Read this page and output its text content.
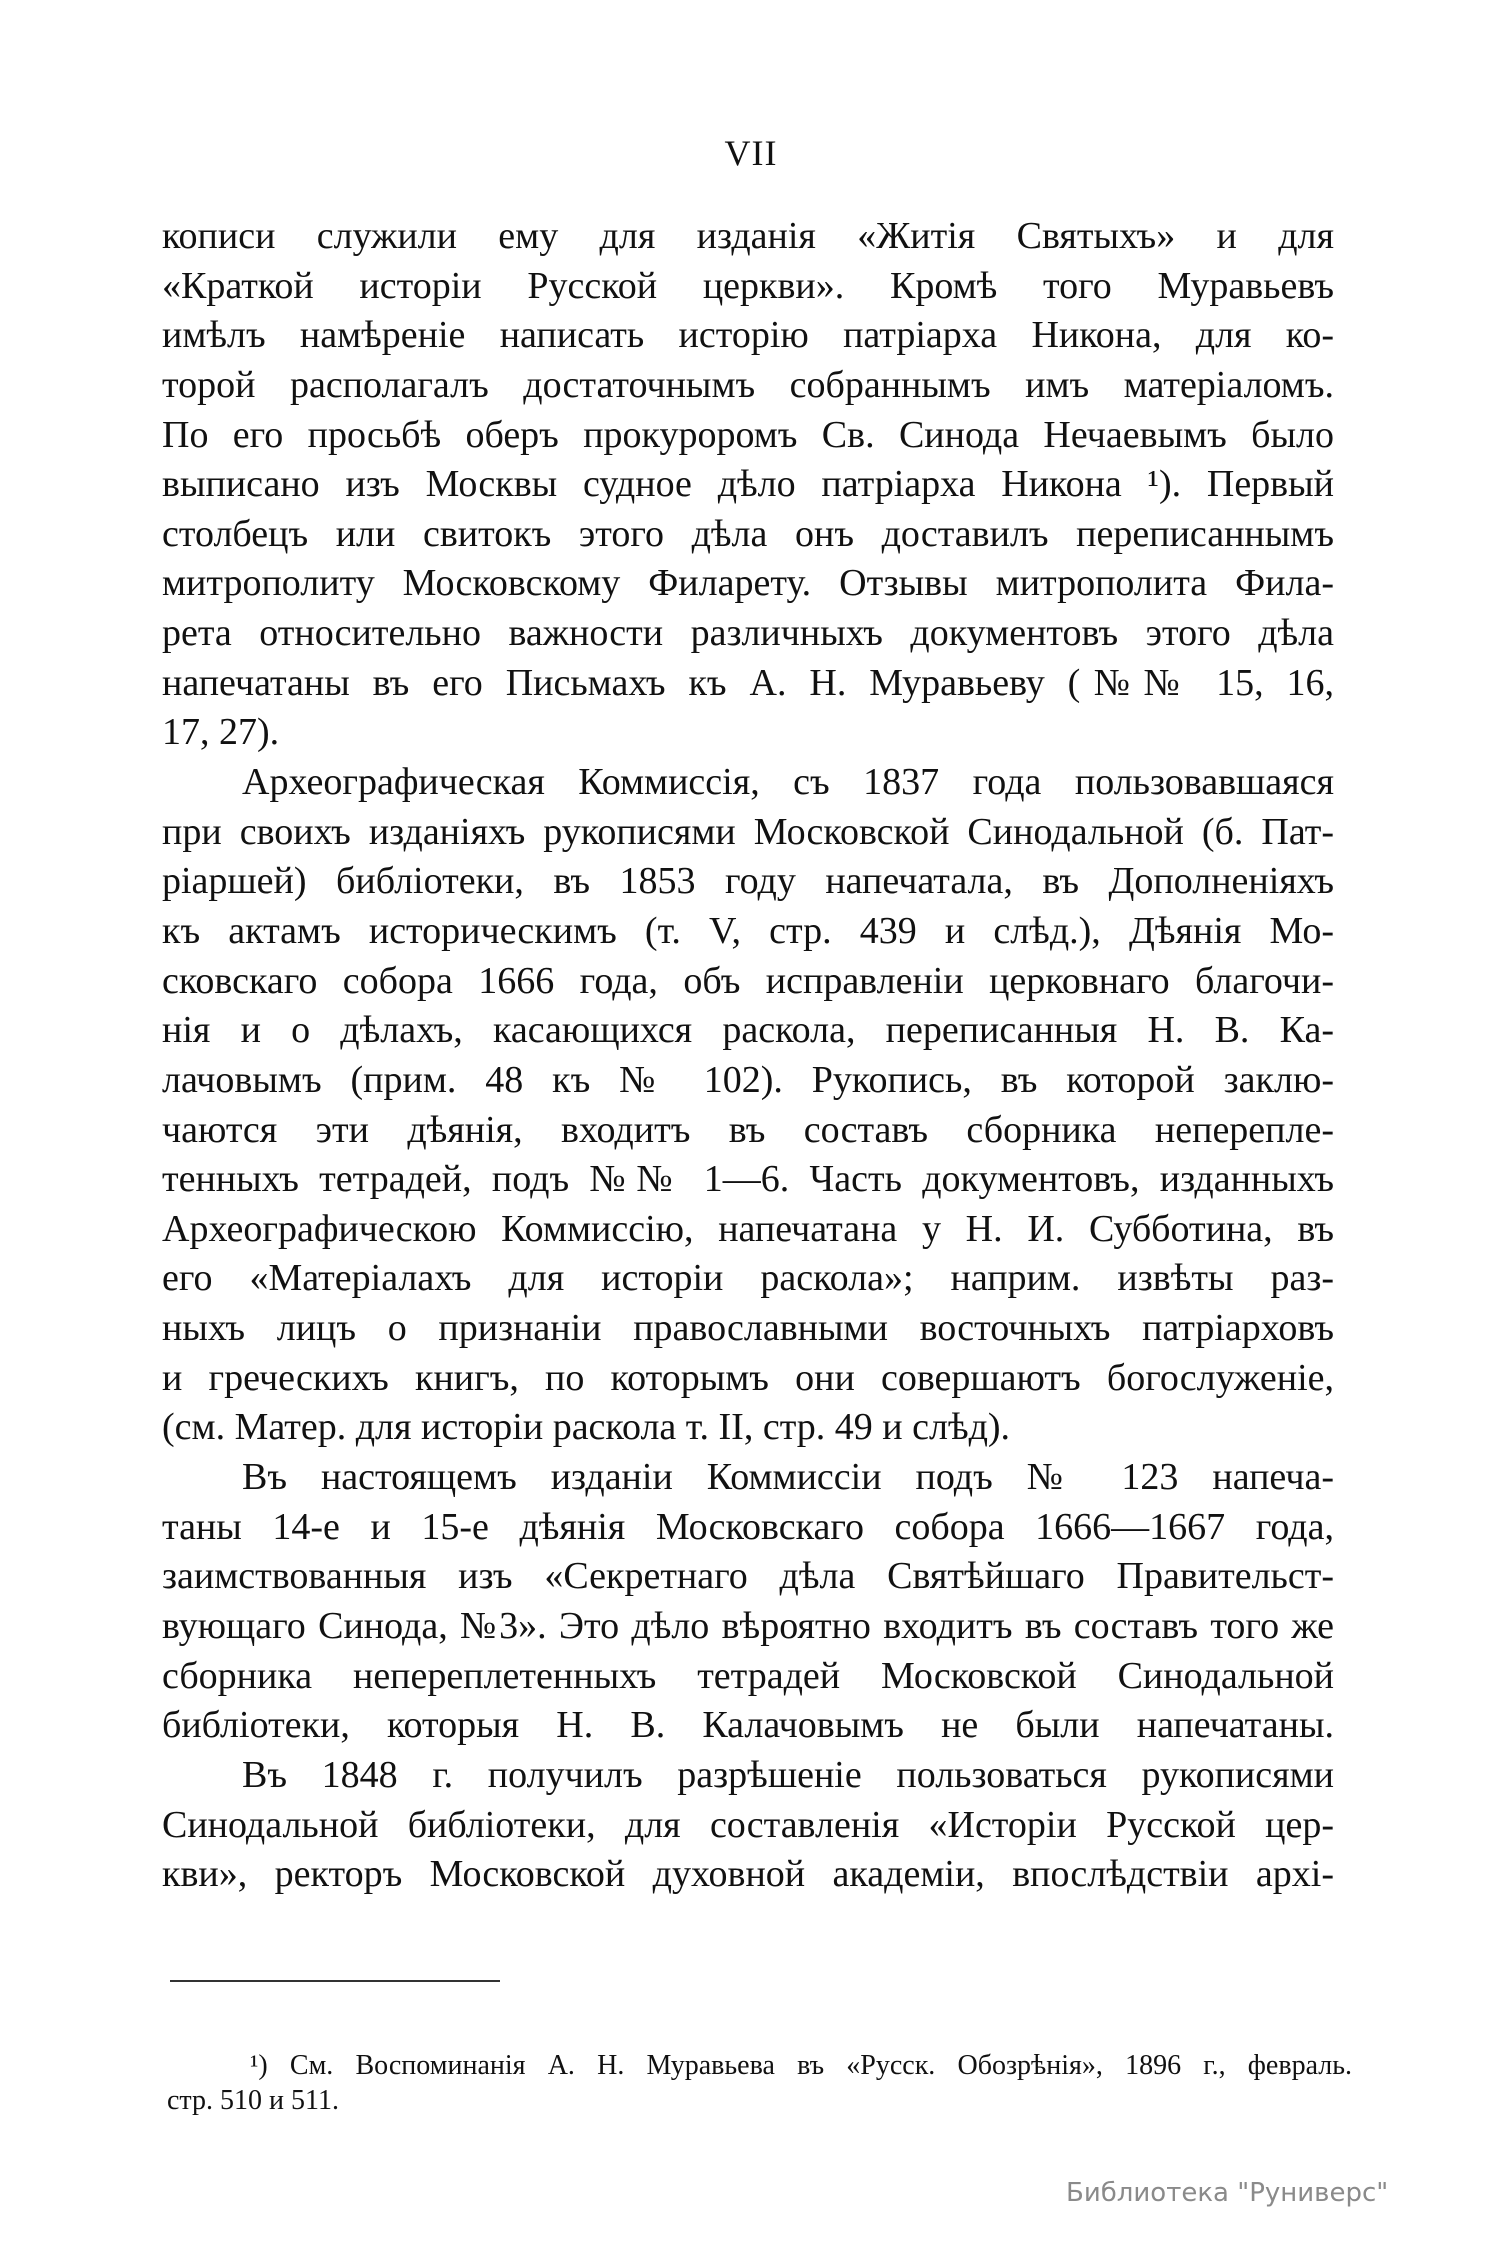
VII
кописи служили ему для изданія «Житія Святыхъ» и для
«Краткой исторіи Русской церкви». Кромѣ того Муравьевъ
имѣлъ намѣреніе написать исторію патріарха Никона, для ко-
торой располагалъ достаточнымъ собраннымъ имъ матеріаломъ.
По его просьбѣ оберъ прокуроромъ Св. Синода Нечаевымъ было
выписано изъ Москвы судное дѣло патріарха Никона ¹). Первый
столбецъ или свитокъ этого дѣла онъ доставилъ переписаннымъ
митрополиту Московскому Филарету. Отзывы митрополита Фила-
рета относительно важности различныхъ документовъ этого дѣла
напечатаны въ его Письмахъ къ А. Н. Муравьеву (№№ 15, 16,
17, 27).
Археографическая Коммиссія, съ 1837 года пользовавшаяся
при своихъ изданіяхъ рукописями Московской Синодальной (б. Пат-
ріаршей) библіотеки, въ 1853 году напечатала, въ Дополненіяхъ
къ актамъ историческимъ (т. V, стр. 439 и слѣд.), Дѣянія Мо-
сковскаго собора 1666 года, объ исправленіи церковнаго благочи-
нія и о дѣлахъ, касающихся раскола, переписанныя Н. В. Ка-
лачовымъ (прим. 48 къ № 102). Рукопись, въ которой заклю-
чаются эти дѣянія, входитъ въ составъ сборника неперепле-
тенныхъ тетрадей, подъ №№ 1—6. Часть документовъ, изданныхъ
Археографическою Коммиссію, напечатана у Н. И. Субботина, въ
его «Матеріалахъ для исторіи раскола»; наприм. извѣты раз-
ныхъ лицъ о признаніи православными восточныхъ патріарховъ
и греческихъ книгъ, по которымъ они совершаютъ богослуженіе,
(см. Матер. для исторіи раскола т. II, стр. 49 и слѣд).
Въ настоящемъ изданіи Коммиссіи подъ № 123 напеча-
таны 14-е и 15-е дѣянія Московскаго собора 1666—1667 года,
заимствованныя изъ «Секретнаго дѣла Святѣйшаго Правительст-
вующаго Синода, №3». Это дѣло вѣроятно входитъ въ составъ того же
сборника непереплетенныхъ тетрадей Московской Синодальной
библіотеки, которыя Н. В. Калачовымъ не были напечатаны.
Въ 1848 г. получилъ разрѣшеніе пользоваться рукописями
Синодальной библіотеки, для составленія «Исторіи Русской цер-
кви», ректоръ Московской духовной академіи, впослѣдствіи архі-
¹) См. Воспоминанія А. Н. Муравьева въ «Русск. Обозрѣнія», 1896 г., февраль.
стр. 510 и 511.
Библиотека "Руниверс"
